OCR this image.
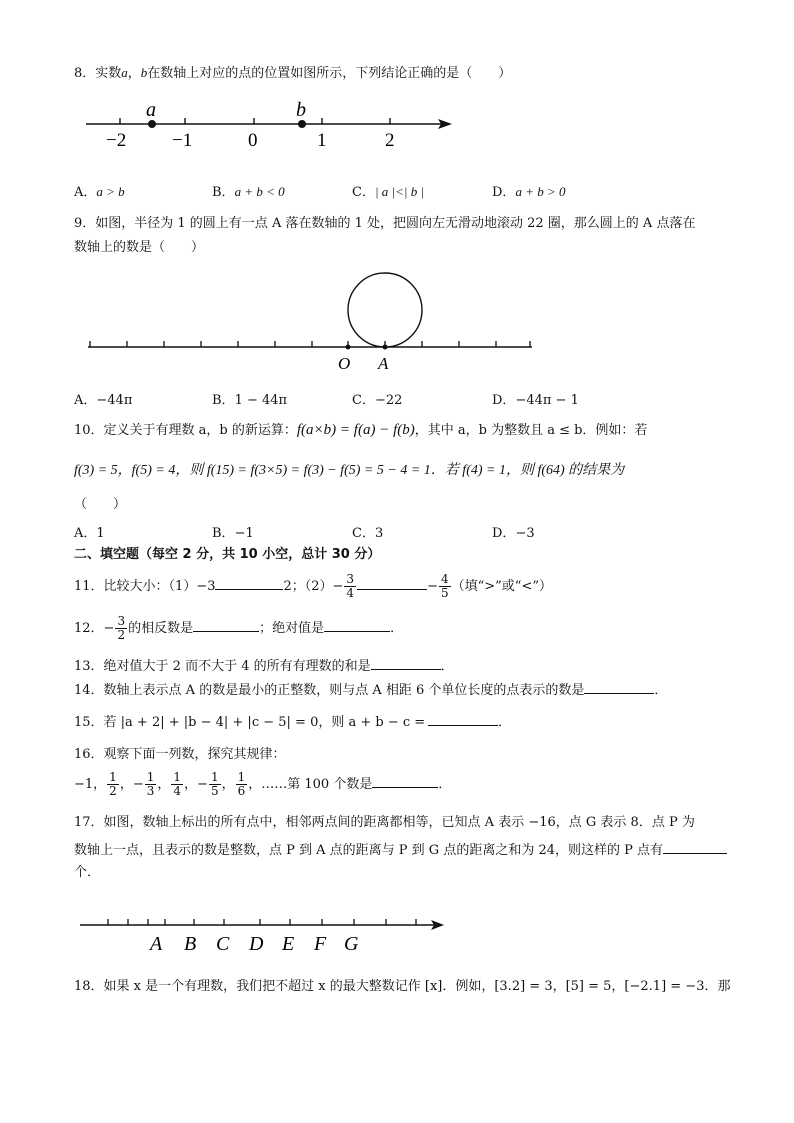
8．实数a，b在数轴上对应的点的位置如图所示，下列结论正确的是（　　）
a	b
−2 −1	0	1	2
A．a > b	B．a + b < 0	C．| a |<| b |	D．a + b > 0
9．如图，半径为 1 的圆上有一点 A 落在数轴的 1 处，把圆向左无滑动地滚动 22 圈，那么圆上的 A 点落在
数轴上的数是（　　）
O A
A．−44π	B．1 − 44π	C．−22	D．−44π − 1
10．定义关于有理数 a，b 的新运算：f(a×b) = f(a) − f(b)，其中 a，b 为整数且 a ≤ b．例如：若
f(3) = 5，f(5) = 4，则 f(15) = f(3×5) = f(3) − f(5) = 5 − 4 = 1．若 f(4) = 1，则 f(64) 的结果为
（　　）
A．1	B．−1	C．3	D．−3
二、填空题（每空 2 分，共 10 小空，总计 30 分）
11．比较大小：（1）−3	2；$(2)- \frac{3}{4}$	− $\frac{4}{5}$ （填“>”或“<”）
12．− $\frac{3}{2}$ 的相反数是	；绝对值是	．
13．绝对值大于 2 而不大于 4 的所有有理数的和是	．
14．数轴上表示点 A 的数是最小的正整数，则与点 A 相距 6 个单位长度的点表示的数是	．
15．若 |a + 2| + |b − 4| + |c − 5| = 0，则 a + b − c =	．
16．观察下面一列数，探究其规律：
−1， $\frac{1}{2}$ ，− $\frac{1}{3}$ ， $\frac{1}{4}$ ，− $\frac{1}{5}$ ， $\frac{1}{6}$ ，……第 100 个数是	．
17．如图，数轴上标出的所有点中，相邻两点间的距离都相等，已知点 A 表示 −16，点 G 表示 8．点 P 为
数轴上一点，且表示的数是整数，点 P 到 A 点的距离与 P 到 G 点的距离之和为 24，则这样的 P 点有
个．
A B C D E F G
18．如果 x 是一个有理数，我们把不超过 x 的最大整数记作 [x]．例如，[3.2] = 3，[5] = 5，[−2.1] = −3．那
